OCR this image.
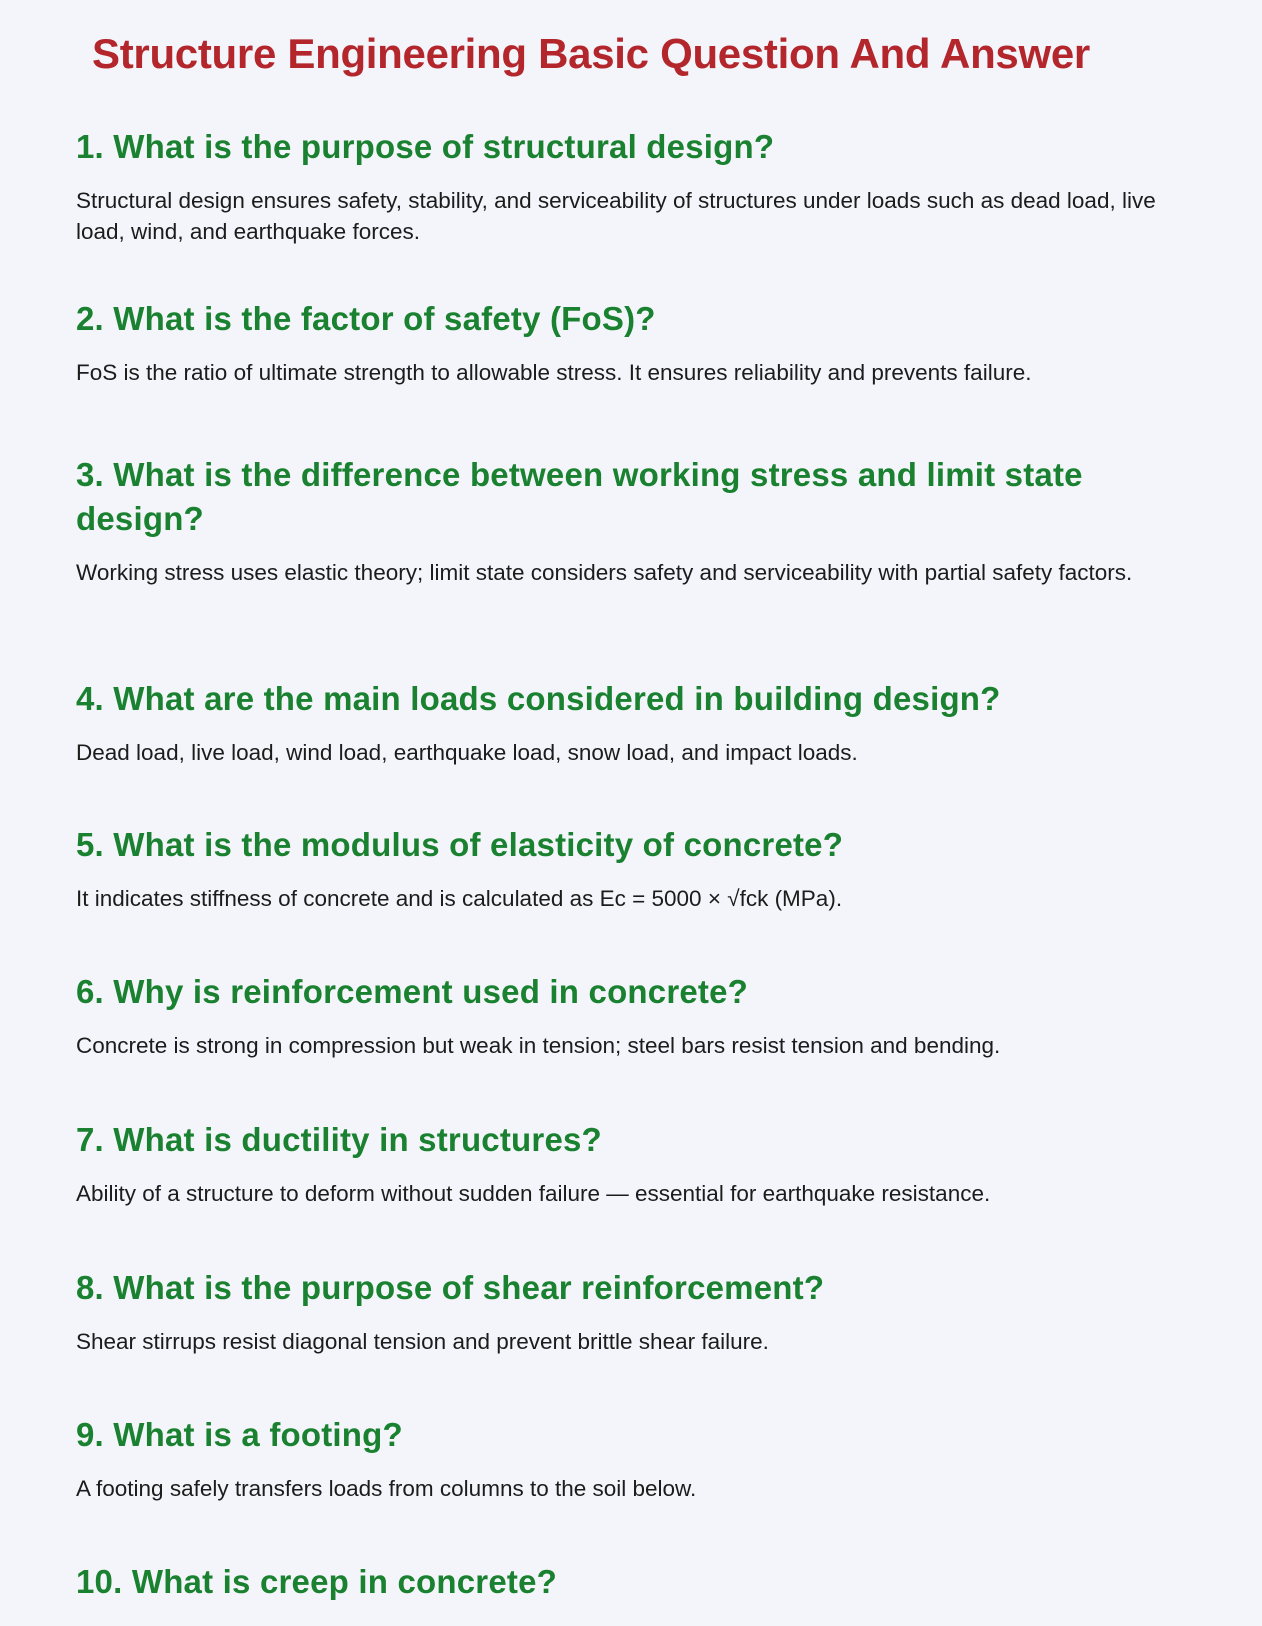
Structure Engineering Basic Question And Answer
1. What is the purpose of structural design?

Structural design ensures safety, stability, and serviceability of structures under loads such as dead load, live load, wind, and earthquake forces.

2. What is the factor of safety (FoS)?

FoS is the ratio of ultimate strength to allowable stress. It ensures reliability and prevents failure.

3. What is the difference between working stress and limit state design?

Working stress uses elastic theory; limit state considers safety and serviceability with partial safety factors.

4. What are the main loads considered in building design?

Dead load, live load, wind load, earthquake load, snow load, and impact loads.

5. What is the modulus of elasticity of concrete?

It indicates stiffness of concrete and is calculated as Ec = 5000 × √fck (MPa).

6. Why is reinforcement used in concrete?

Concrete is strong in compression but weak in tension; steel bars resist tension and bending.

7. What is ductility in structures?

Ability of a structure to deform without sudden failure — essential for earthquake resistance.

8. What is the purpose of shear reinforcement?

Shear stirrups resist diagonal tension and prevent brittle shear failure.

9. What is a footing?

A footing safely transfers loads from columns to the soil below.

10. What is creep in concrete?
